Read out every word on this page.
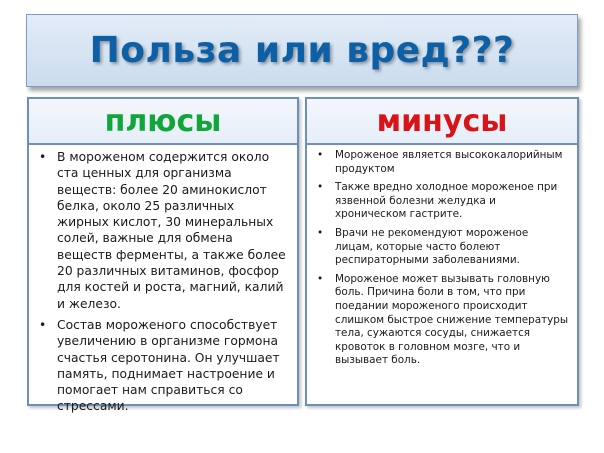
Польза или вред???
плюсы
• В мороженом содержится около ста ценных для организма веществ: более 20 аминокислот белка, около 25 различных жирных кислот, 30 минеральных солей, важные для обмена веществ ферменты, а также более 20 различных витаминов, фосфор для костей и роста, магний, калий и железо.
• Состав мороженого способствует увеличению в организме гормона счастья серотонина. Он улучшает память, поднимает настроение и помогает нам справиться со стрессами.
минусы
• Мороженое является высококалорийным продуктом
• Также вредно холодное мороженое при язвенной болезни желудка и хроническом гастрите.
• Врачи не рекомендуют мороженое лицам, которые часто болеют респираторными заболеваниями.
• Мороженое может вызывать головную боль. Причина боли в том, что при поедании мороженого происходит слишком быстрое снижение температуры тела, сужаются сосуды, снижается кровоток в головном мозге, что и вызывает боль.
